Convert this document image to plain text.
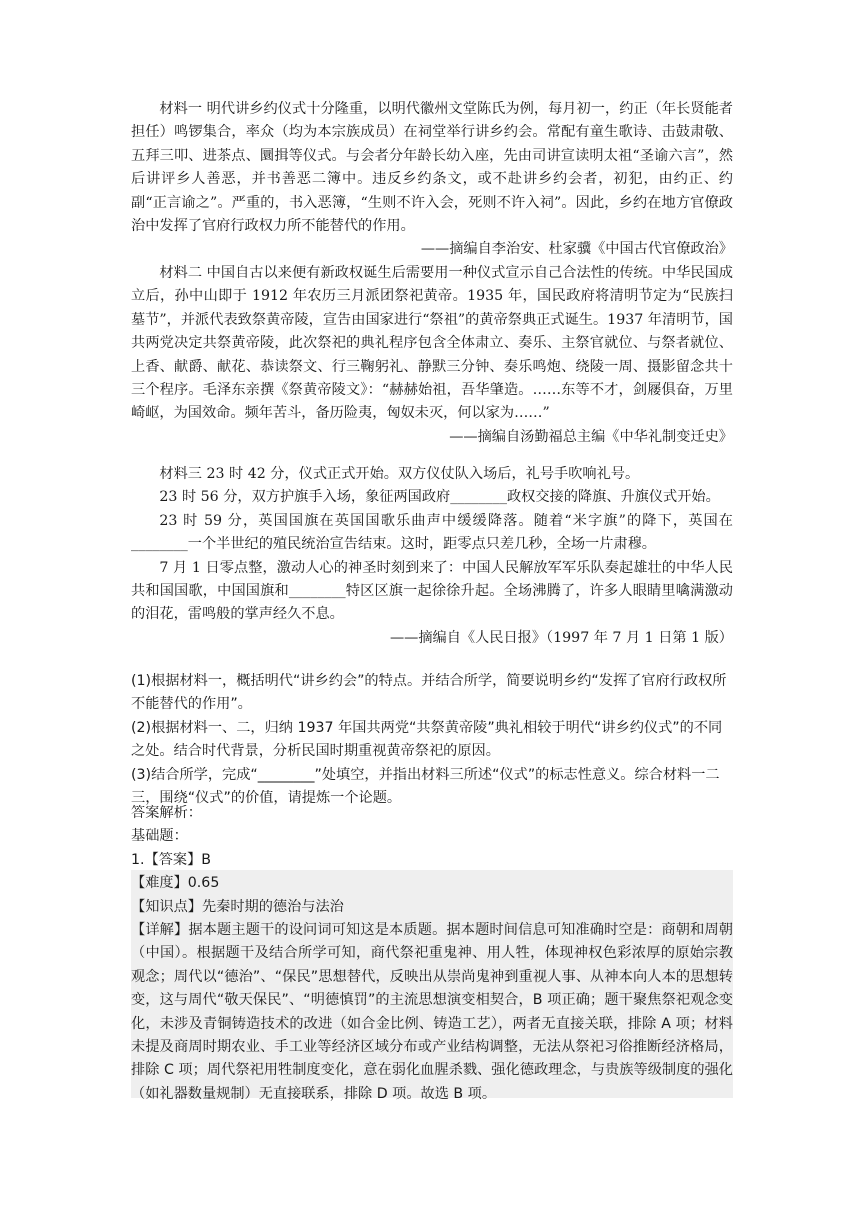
材料一 明代讲乡约仪式十分隆重，以明代徽州文堂陈氏为例，每月初一，约正（年长贤能者担任）鸣锣集合，率众（均为本宗族成员）在祠堂举行讲乡约会。常配有童生歌诗、击鼓肃敬、五拜三叩、进茶点、圜揖等仪式。与会者分年龄长幼入座，先由司讲宣读明太祖“圣谕六言”，然后讲评乡人善恶，并书善恶二簿中。违反乡约条文，或不赴讲乡约会者，初犯，由约正、约副“正言谕之”。严重的，书入恶簿，“生则不许入会，死则不许入祠”。因此，乡约在地方官僚政治中发挥了官府行政权力所不能替代的作用。

——摘编自李治安、杜家骥《中国古代官僚政治》

材料二 中国自古以来便有新政权诞生后需要用一种仪式宣示自己合法性的传统。中华民国成立后，孙中山即于 1912 年农历三月派团祭祀黄帝。1935 年，国民政府将清明节定为“民族扫墓节”，并派代表致祭黄帝陵，宣告由国家进行“祭祖”的黄帝祭典正式诞生。1937 年清明节，国共两党决定共祭黄帝陵，此次祭祀的典礼程序包含全体肃立、奏乐、主祭官就位、与祭者就位、上香、献爵、献花、恭读祭文、行三鞠躬礼、静默三分钟、奏乐鸣炮、绕陵一周、摄影留念共十三个程序。毛泽东亲撰《祭黄帝陵文》：“赫赫始祖，吾华肇造。……东等不才，剑屦俱奋，万里崎岖，为国效命。频年苦斗，备历险夷，匈奴未灭，何以家为……”

——摘编自汤勤福总主编《中华礼制变迁史》

材料三 23 时 42 分，仪式正式开始。双方仪仗队入场后，礼号手吹响礼号。

23 时 56 分，双方护旗手入场，象征两国政府________政权交接的降旗、升旗仪式开始。

23 时 59 分，英国国旗在英国国歌乐曲声中缓缓降落。随着“米字旗”的降下，英国在________一个半世纪的殖民统治宣告结束。这时，距零点只差几秒，全场一片肃穆。

7 月 1 日零点整，激动人心的神圣时刻到来了：中国人民解放军军乐队奏起雄壮的中华人民共和国国歌，中国国旗和________特区区旗一起徐徐升起。全场沸腾了，许多人眼睛里噙满激动的泪花，雷鸣般的掌声经久不息。

——摘编自《人民日报》（1997 年 7 月 1 日第 1 版）

(1)根据材料一，概括明代“讲乡约会”的特点。并结合所学，简要说明乡约“发挥了官府行政权所不能替代的作用”。

(2)根据材料一、二，归纳 1937 年国共两党“共祭黄帝陵”典礼相较于明代“讲乡约仪式”的不同之处。结合时代背景，分析民国时期重视黄帝祭祀的原因。

(3)结合所学，完成“________”处填空，并指出材料三所述“仪式”的标志性意义。综合材料一二三，围绕“仪式”的价值，请提炼一个论题。

答案解析：

基础题：

1.【答案】B

【难度】0.65

【知识点】先秦时期的德治与法治

【详解】据本题主题干的设问词可知这是本质题。据本题时间信息可知准确时空是：商朝和周朝（中国）。根据题干及结合所学可知，商代祭祀重鬼神、用人牲，体现神权色彩浓厚的原始宗教观念；周代以“德治”、“保民”思想替代，反映出从崇尚鬼神到重视人事、从神本向人本的思想转变，这与周代“敬天保民”、“明德慎罚”的主流思想演变相契合，B 项正确；题干聚焦祭祀观念变化，未涉及青铜铸造技术的改进（如合金比例、铸造工艺），两者无直接关联，排除 A 项；材料未提及商周时期农业、手工业等经济区域分布或产业结构调整，无法从祭祀习俗推断经济格局，排除 C 项；周代祭祀用牲制度变化，意在弱化血腥杀戮、强化德政理念，与贵族等级制度的强化（如礼器数量规制）无直接联系，排除 D 项。故选 B 项。
